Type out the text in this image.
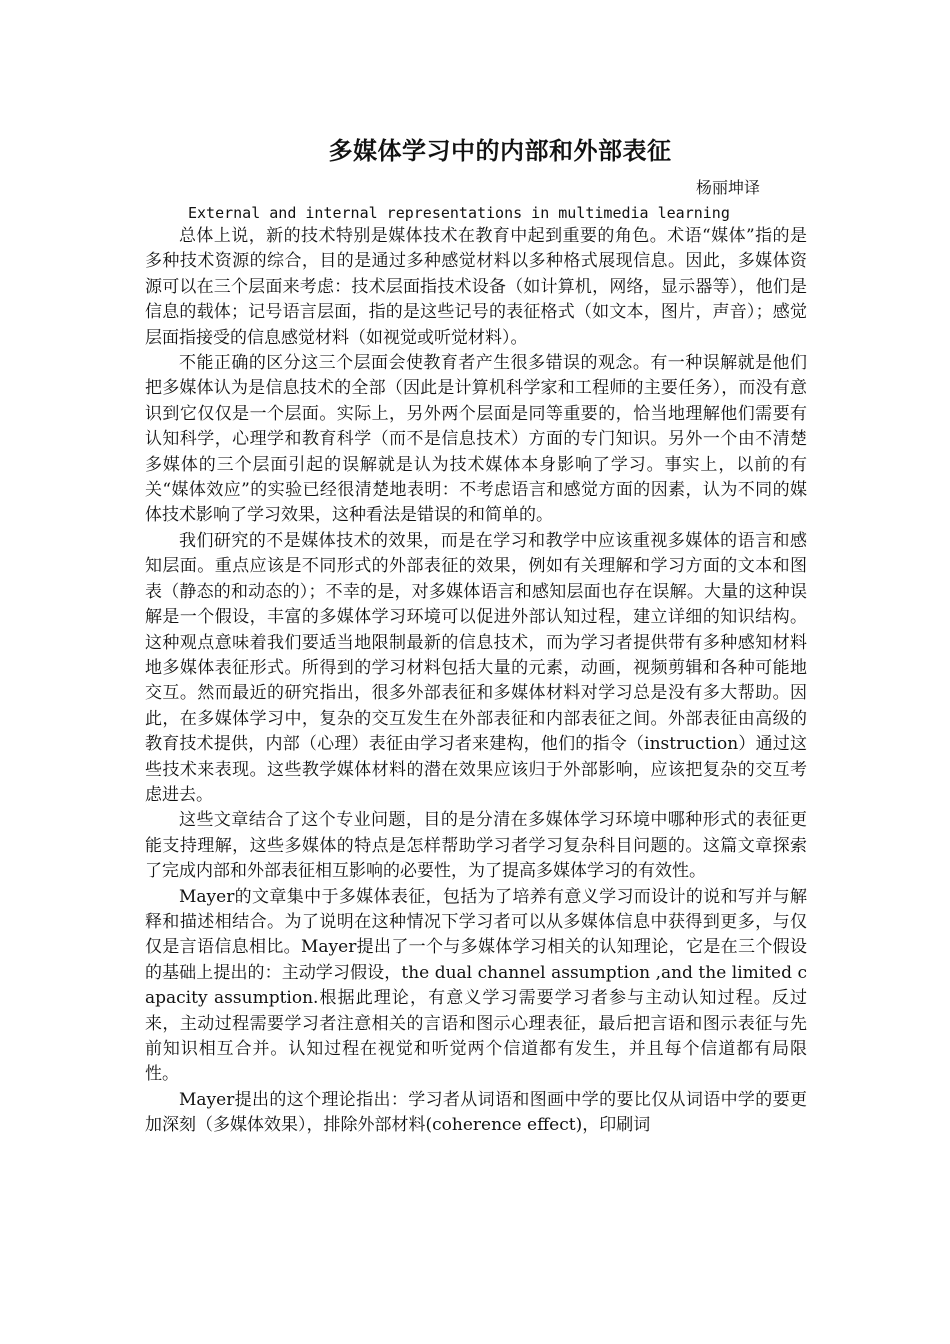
多媒体学习中的内部和外部表征
杨丽坤译
External and internal representations in multimedia learning

总体上说，新的技术特别是媒体技术在教育中起到重要的角色。术语“媒体”指的是多种技术资源的综合，目的是通过多种感觉材料以多种格式展现信息。因此，多媒体资源可以在三个层面来考虑：技术层面指技术设备（如计算机，网络，显示器等），他们是信息的载体；记号语言层面，指的是这些记号的表征格式（如文本，图片，声音）；感觉层面指接受的信息感觉材料（如视觉或听觉材料）。

不能正确的区分这三个层面会使教育者产生很多错误的观念。有一种误解就是他们把多媒体认为是信息技术的全部（因此是计算机科学家和工程师的主要任务），而没有意识到它仅仅是一个层面。实际上，另外两个层面是同等重要的，恰当地理解他们需要有认知科学，心理学和教育科学（而不是信息技术）方面的专门知识。另外一个由不清楚多媒体的三个层面引起的误解就是认为技术媒体本身影响了学习。事实上，以前的有关“媒体效应”的实验已经很清楚地表明：不考虑语言和感觉方面的因素，认为不同的媒体技术影响了学习效果，这种看法是错误的和简单的。

我们研究的不是媒体技术的效果，而是在学习和教学中应该重视多媒体的语言和感知层面。重点应该是不同形式的外部表征的效果，例如有关理解和学习方面的文本和图表（静态的和动态的）；不幸的是，对多媒体语言和感知层面也存在误解。大量的这种误解是一个假设，丰富的多媒体学习环境可以促进外部认知过程，建立详细的知识结构。这种观点意味着我们要适当地限制最新的信息技术，而为学习者提供带有多种感知材料地多媒体表征形式。所得到的学习材料包括大量的元素，动画，视频剪辑和各种可能地交互。然而最近的研究指出，很多外部表征和多媒体材料对学习总是没有多大帮助。因此，在多媒体学习中，复杂的交互发生在外部表征和内部表征之间。外部表征由高级的教育技术提供，内部（心理）表征由学习者来建构，他们的指令（instruction）通过这些技术来表现。这些教学媒体材料的潜在效果应该归于外部影响，应该把复杂的交互考虑进去。

这些文章结合了这个专业问题，目的是分清在多媒体学习环境中哪种形式的表征更能支持理解，这些多媒体的特点是怎样帮助学习者学习复杂科目问题的。这篇文章探索了完成内部和外部表征相互影响的必要性，为了提高多媒体学习的有效性。

Mayer的文章集中于多媒体表征，包括为了培养有意义学习而设计的说和写并与解释和描述相结合。为了说明在这种情况下学习者可以从多媒体信息中获得到更多，与仅仅是言语信息相比。Mayer提出了一个与多媒体学习相关的认知理论，它是在三个假设的基础上提出的：主动学习假设，the dual channel assumption ,and the limited capacity assumption.根据此理论，有意义学习需要学习者参与主动认知过程。反过来，主动过程需要学习者注意相关的言语和图示心理表征，最后把言语和图示表征与先前知识相互合并。认知过程在视觉和听觉两个信道都有发生，并且每个信道都有局限性。

Mayer提出的这个理论指出：学习者从词语和图画中学的要比仅从词语中学的要更加深刻（多媒体效果），排除外部材料(coherence effect)，印刷词
